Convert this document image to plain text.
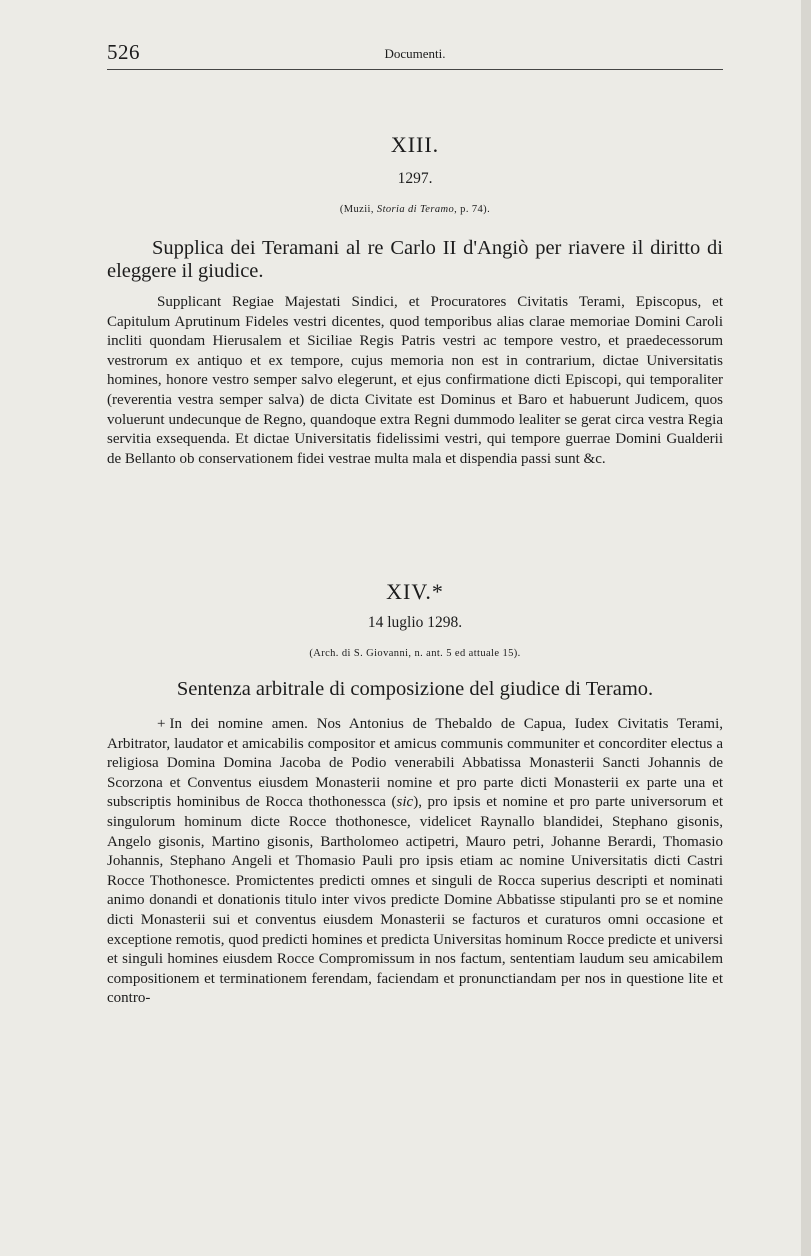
526	Documenti.
XIII.
1297.
(Muzii, Storia di Teramo, p. 74).
Supplica dei Teramani al re Carlo II d'Angiò per riavere il diritto di eleggere il giudice.

Supplicant Regiae Majestati Sindici, et Procuratores Civitatis Terami, Episcopus, et Capitulum Aprutinum Fideles vestri dicentes, quod temporibus alias clarae memoriae Domini Caroli incliti quondam Hierusalem et Siciliae Regis Patris vestri ac tempore vestro, et praedecessorum vestrorum ex antiquo et ex tempore, cujus memoria non est in contrarium, dictae Universitatis homines, honore vestro semper salvo elegerunt, et ejus confirmatione dicti Episcopi, qui temporaliter (reverentia vestra semper salva) de dicta Civitate est Dominus et Baro et habuerunt Judicem, quos voluerunt undecunque de Regno, quandoque extra Regni dummodo lealiter se gerat circa vestra Regia servitia exsequenda. Et dictae Universitatis fidelissimi vestri, qui tempore guerrae Domini Gualderii de Bellanto ob conservationem fidei vestrae multa mala et dispendia passi sunt &c.

XIV.*
14 luglio 1298.
(Arch. di S. Giovanni, n. ant. 5 ed attuale 15).
Sentenza arbitrale di composizione del giudice di Teramo.

+ In dei nomine amen. Nos Antonius de Thebaldo de Capua, Iudex Civitatis Terami, Arbitrator, laudator et amicabilis compositor et amicus communis communiter et concorditer electus a religiosa Domina Domina Jacoba de Podio venerabili Abbatissa Monasterii Sancti Johannis de Scorzona et Conventus eiusdem Monasterii nomine et pro parte dicti Monasterii ex parte una et subscriptis hominibus de Rocca thothonessca (sic), pro ipsis et nomine et pro parte universorum et singulorum hominum dicte Rocce thothonesce, videlicet Raynallo blandidei, Stephano gisonis, Angelo gisonis, Martino gisonis, Bartholomeo actipetri, Mauro petri, Johanne Berardi, Thomasio Johannis, Stephano Angeli et Thomasio Pauli pro ipsis etiam ac nomine Universitatis dicti Castri Rocce Thothonesce. Promictentes predicti omnes et singuli de Rocca superius descripti et nominati animo donandi et donationis titulo inter vivos predicte Domine Abbatisse stipulanti pro se et nomine dicti Monasterii sui et conventus eiusdem Monasterii se facturos et curaturos omni occasione et exceptione remotis, quod predicti homines et predicta Universitas hominum Rocce predicte et universi et singuli homines eiusdem Rocce Compromissum in nos factum, sententiam laudum seu amicabilem compositionem et terminationem ferendam, faciendam et pronunctiandam per nos in questione lite et contro-
